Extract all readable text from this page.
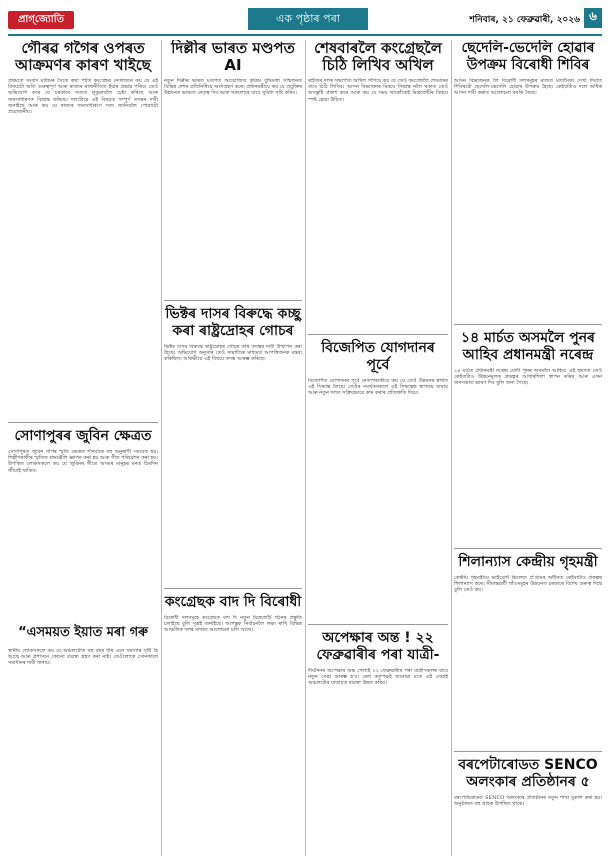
প্ৰাগ্‌জ্যোতি	এক পৃষ্ঠাৰ পৰা	শনিবাৰ, ২১ ফেব্ৰুৱাৰী, ২০২৬ ৬
গৌৰৱ গগৈৰ ওপৰত আক্ৰমণৰ কাৰণ খাইছে
প্ৰথমতে সংবাদ মাধ্যমৰ সৈতে কথা পাতি কংগ্ৰেছৰ নেতাজনে কয় যে এই বিষয়টো অতি গুৰুত্বপূৰ্ণ আৰু ৰাজ্যৰ ৰাজনীতিত ইয়াৰ প্ৰভাৱ পৰিব। তেওঁ অভিযোগ কৰে যে চৰকাৰে সত্যক লুকুৱাবলৈ চেষ্টা কৰিছে আৰু জনসাধাৰণক বিভ্ৰান্ত কৰিছে। দলটোৱে এই বিষয়ত সম্পূৰ্ণ তদন্তৰ দাবী জনাইছে আৰু কয় যে ৰাজ্যৰ জনসাধাৰণে সত্য জানিবলৈ পোৱাটো প্ৰয়োজনীয়।
সোণাপুৰৰ জুবিন ক্ষেত্ৰত
সোণাপুৰত জুবিন গাৰ্গৰ স্মৃতি ক্ষেত্ৰত শনিবাৰে বহু অনুৰাগী সমবেত হয়। শিল্পীগৰাকীৰ স্মৃতিত শ্ৰদ্ধাঞ্জলি জ্ঞাপন কৰা হয় আৰু গীত পৰিৱেশন কৰা হয়। উপস্থিত লোকসকলে কয় যে জুবিনৰ গীতে অসমৰ মানুহৰ মনত চিৰদিন জীয়াই থাকিব।
“এসময়ত ইয়াত মৰা গৰু
স্থানীয় লোকসকলে কয় যে অঞ্চলটোত বহু বছৰ ধৰি এনে সমস্যাৰ সৃষ্টি হৈ আছে আৰু প্ৰশাসনে কোনো ব্যৱস্থা গ্ৰহণ কৰা নাই। তেওঁলোকে সোনকালে সমাধানৰ দাবী জনায়।
দিল্লীৰ ভাৰত মণ্ডপত AI
নতুন দিল্লীৰ ভাৰত মণ্ডপত আয়োজিত কৃত্ৰিম বুদ্ধিমত্তা সন্মিলনত বিভিন্ন দেশৰ প্ৰতিনিধিয়ে অংশগ্ৰহণ কৰে। প্ৰধানমন্ত্ৰীয়ে কয় যে প্ৰযুক্তিৰ উন্নয়নত ভাৰতে নেতৃত্ব দিব আৰু সকলোৰে বাবে সুবিধা সৃষ্টি কৰিব।
ভিক্টৰ দাসৰ বিৰুদ্ধে কচ্ছু কৰা ৰাষ্ট্ৰদ্ৰোহৰ গোচৰ
ভিক্টৰ দাসৰ বিৰুদ্ধে ৰাষ্ট্ৰদ্ৰোহৰ গোচৰ তৰি তদন্তৰ দাবী উত্থাপন কৰা হৈছে। অভিযোগ অনুসৰি তেওঁ সামাজিক মাধ্যমত আপত্তিজনক মন্তব্য কৰিছিল। আৰক্ষীয়ে এই বিষয়ে তদন্ত আৰম্ভ কৰিছে।
কংগ্ৰেছক বাদ দি বিৰোধী
বিৰোধী দলসমূহে কংগ্ৰেছক বাদ দি নতুন মিত্ৰজোঁট গঠনৰ প্ৰস্তুতি চলাইছে বুলি সূত্ৰই জনাইছে। আগন্তুক নিৰ্বাচনলৈ লক্ষ্য ৰাখি বিভিন্ন আঞ্চলিক দলৰ মাজত আলোচনা চলি আছে।
শেষবাৰলৈ কংগ্ৰেছলৈ চিঠি লিখিব অখিল
ৰাইজৰ দলৰ সভাপতি অখিল গগৈয়ে কয় যে তেওঁ কংগ্ৰেছলৈ শেষবাৰৰ বাবে চিঠি লিখিব। আসন বিভাজনৰ বিষয়ে সিদ্ধান্ত নলৈ থকাত তেওঁ অসন্তুষ্টি প্ৰকাশ কৰে আৰু কয় যে সময় থাকোঁতেই মিত্ৰজোঁটৰ বিষয়ে স্পষ্ট হোৱা উচিত।
বিজেপিত যোগদানৰ পূৰ্বে
বিজেপিত যোগদানৰ পূৰ্বে নেতাগৰাকীয়ে কয় যে তেওঁ উন্নয়নৰ স্বাৰ্থত এই সিদ্ধান্ত লৈছে। তেওঁৰ সমৰ্থকসকলে এই সিদ্ধান্তক স্বাগতম জনায় আৰু নতুন দলত সক্ৰিয়ভাৱে কাম কৰাৰ প্ৰতিশ্ৰুতি দিয়ে।
অপেক্ষাৰ অন্ত ! ২২ ফেব্ৰুৱাৰীৰ পৰা যাত্ৰী-
দীৰ্ঘদিনৰ অপেক্ষাৰ অন্ত পেলাই ২২ ফেব্ৰুৱাৰীৰ পৰা যাত্ৰীসকলৰ বাবে নতুন সেৱা আৰম্ভ হ'ব। ৰেল কৰ্তৃপক্ষই জনোৱা মতে এই সেৱাই অঞ্চলটোৰ যাতায়ত ব্যৱস্থা উন্নত কৰিব।
ছেদেলি-ভেদেলি হোৱাৰ উপক্ৰম বিৰোধী শিবিৰ
আসন বিভাজনক লৈ বিৰোধী দলসমূহৰ মাজত মতানৈক্য দেখা দিয়াত শিবিৰটো ছেদেলি-ভেদেলি হোৱাৰ উপক্ৰম হৈছে। কেইবাটাও দলে অধিক আসন দাবী কৰাত আলোচনা থমকি ৰৈছে।
১৪ মাৰ্চত অসমলৈ পুনৰ আহিব প্ৰধানমন্ত্ৰী নৰেন্দ্ৰ
১৪ মাৰ্চত প্ৰধানমন্ত্ৰী নৰেন্দ্ৰ মোদী পুনৰ অসমলৈ আহিব। এই ভ্ৰমণত তেওঁ কেইবাটাও উন্নয়নমূলক প্ৰকল্পৰ আধাৰশিলা স্থাপন কৰিব আৰু এখন জনসভাত ভাষণ দিব বুলি জনা গৈছে।
শিলান্যাস কেন্দ্ৰীয় গৃহমন্ত্ৰী
কেন্দ্ৰীয় গৃহমন্ত্ৰীয়ে ভাইব্ৰেণ্ট ভিলেজ প্ৰ'গ্ৰামৰ অধীনত কেইবাটাও প্ৰকল্পৰ শিলান্যাস কৰে। সীমান্তৱৰ্তী গাঁওসমূহৰ উন্নয়নত চৰকাৰে বিশেষ গুৰুত্ব দিছে বুলি তেওঁ কয়।
বৰপেটাৰোডত SENCO অলংকাৰ প্ৰতিষ্ঠানৰ ৫
বৰপেটাৰোডত SENCO অলংকাৰ প্ৰতিষ্ঠানৰ নতুন শাখা মুকলি কৰা হয়। অনুষ্ঠানত বহু গ্ৰাহক উপস্থিত থাকে।
